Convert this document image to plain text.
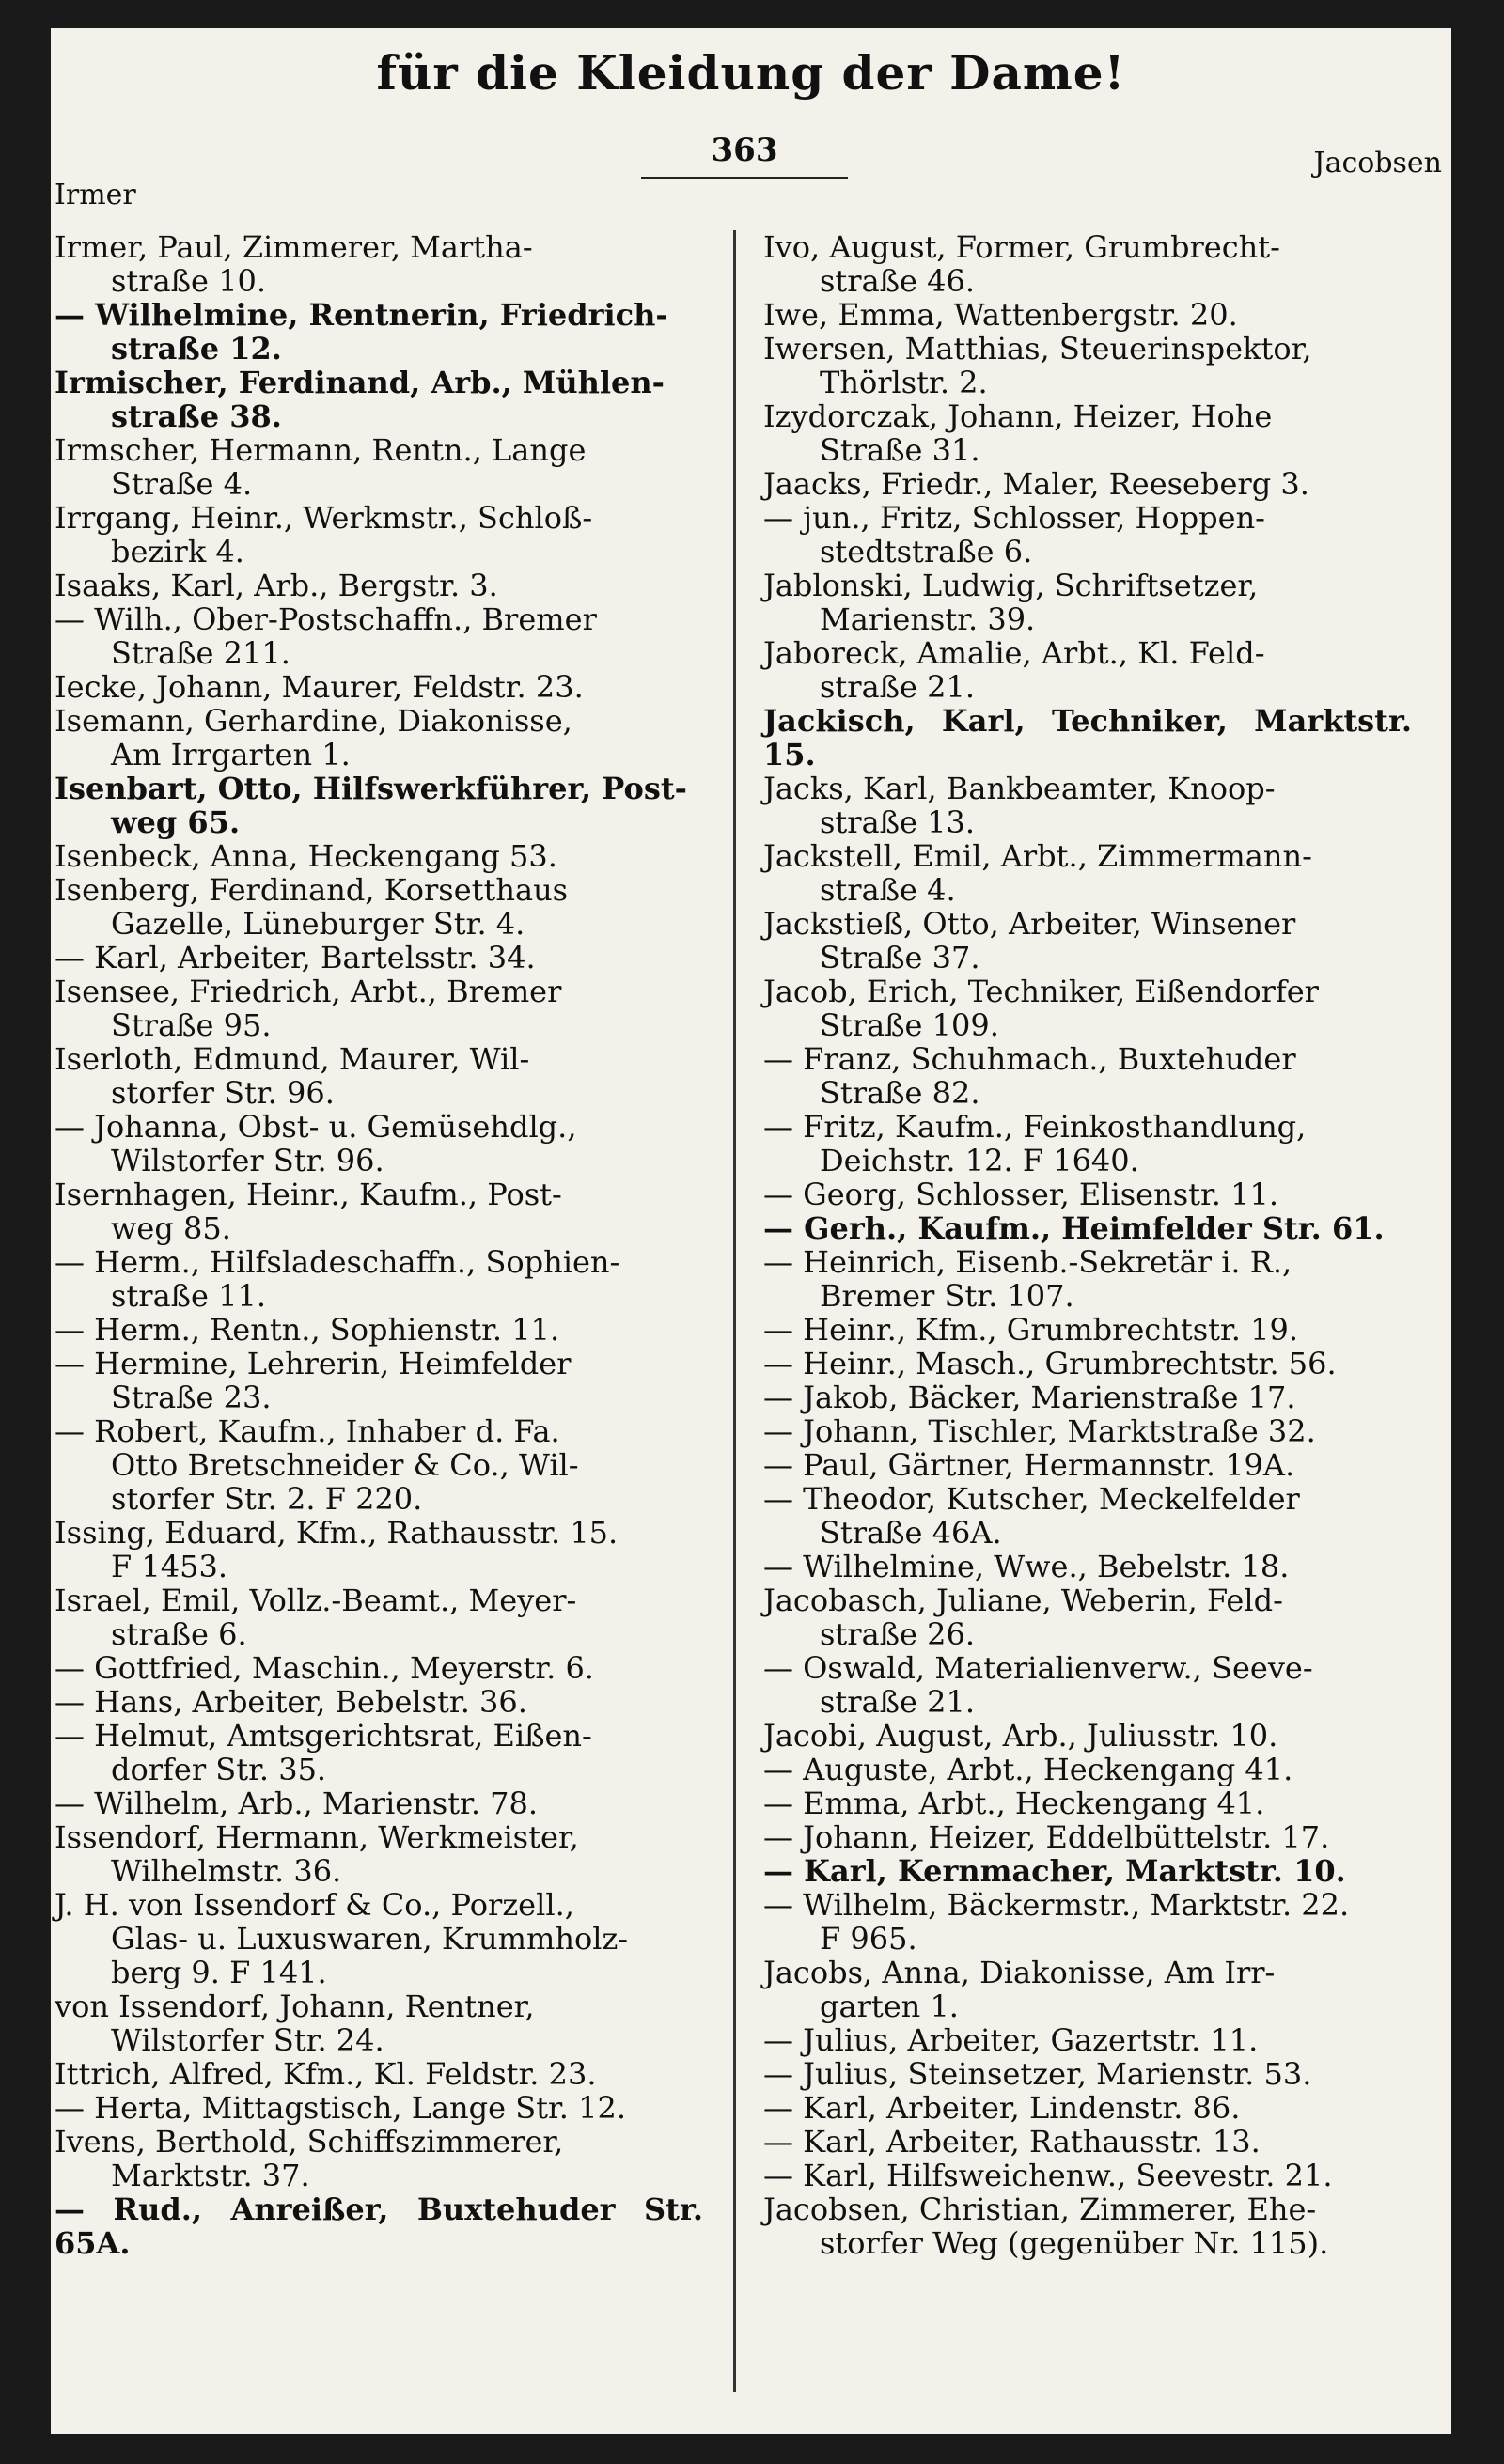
für die Kleidung der Dame!
363
Irmer
Jacobsen

Irmer, Paul, Zimmerer, Martha-
straße 10.

— Wilhelmine, Rentnerin, Friedrich-
straße 12.

Irmischer, Ferdinand, Arb., Mühlen-
straße 38.

Irmscher, Hermann, Rentn., Lange
Straße 4.

Irrgang, Heinr., Werkmstr., Schloß-
bezirk 4.

Isaaks, Karl, Arb., Bergstr. 3.

— Wilh., Ober-Postschaffn., Bremer
Straße 211.

Iecke, Johann, Maurer, Feldstr. 23.

Isemann, Gerhardine, Diakonisse,
Am Irrgarten 1.

Isenbart, Otto, Hilfswerkführer, Post-
weg 65.

Isenbeck, Anna, Heckengang 53.

Isenberg, Ferdinand, Korsetthaus
Gazelle, Lüneburger Str. 4.

— Karl, Arbeiter, Bartelsstr. 34.

Isensee, Friedrich, Arbt., Bremer
Straße 95.

Iserloth, Edmund, Maurer, Wil-
storfer Str. 96.

— Johanna, Obst- u. Gemüsehdlg.,
Wilstorfer Str. 96.

Isernhagen, Heinr., Kaufm., Post-
weg 85.

— Herm., Hilfsladeschaffn., Sophien-
straße 11.

— Herm., Rentn., Sophienstr. 11.

— Hermine, Lehrerin, Heimfelder
Straße 23.

— Robert, Kaufm., Inhaber d. Fa.
Otto Bretschneider & Co., Wil-
storfer Str. 2. F 220.

Issing, Eduard, Kfm., Rathausstr. 15.
F 1453.

Israel, Emil, Vollz.-Beamt., Meyer-
straße 6.

— Gottfried, Maschin., Meyerstr. 6.

— Hans, Arbeiter, Bebelstr. 36.

— Helmut, Amtsgerichtsrat, Eißen-
dorfer Str. 35.

— Wilhelm, Arb., Marienstr. 78.

Issendorf, Hermann, Werkmeister,
Wilhelmstr. 36.

J. H. von Issendorf & Co., Porzell.,
Glas- u. Luxuswaren, Krummholz-
berg 9. F 141.

von Issendorf, Johann, Rentner,
Wilstorfer Str. 24.

Ittrich, Alfred, Kfm., Kl. Feldstr. 23.

— Herta, Mittagstisch, Lange Str. 12.

Ivens, Berthold, Schiffszimmerer,
Marktstr. 37.

— Rud., Anreißer, Buxtehuder Str. 65A.

Ivo, August, Former, Grumbrecht-
straße 46.

Iwe, Emma, Wattenbergstr. 20.

Iwersen, Matthias, Steuerinspektor,
Thörlstr. 2.

Izydorczak, Johann, Heizer, Hohe
Straße 31.

Jaacks, Friedr., Maler, Reeseberg 3.

— jun., Fritz, Schlosser, Hoppen-
stedtstraße 6.

Jablonski, Ludwig, Schriftsetzer,
Marienstr. 39.

Jaboreck, Amalie, Arbt., Kl. Feld-
straße 21.

Jackisch, Karl, Techniker, Marktstr. 15.

Jacks, Karl, Bankbeamter, Knoop-
straße 13.

Jackstell, Emil, Arbt., Zimmermann-
straße 4.

Jackstieß, Otto, Arbeiter, Winsener
Straße 37.

Jacob, Erich, Techniker, Eißendorfer
Straße 109.

— Franz, Schuhmach., Buxtehuder
Straße 82.

— Fritz, Kaufm., Feinkosthandlung,
Deichstr. 12. F 1640.

— Georg, Schlosser, Elisenstr. 11.

— Gerh., Kaufm., Heimfelder Str. 61.

— Heinrich, Eisenb.-Sekretär i. R.,
Bremer Str. 107.

— Heinr., Kfm., Grumbrechtstr. 19.

— Heinr., Masch., Grumbrechtstr. 56.

— Jakob, Bäcker, Marienstraße 17.

— Johann, Tischler, Marktstraße 32.

— Paul, Gärtner, Hermannstr. 19A.

— Theodor, Kutscher, Meckelfelder
Straße 46A.

— Wilhelmine, Wwe., Bebelstr. 18.

Jacobasch, Juliane, Weberin, Feld-
straße 26.

— Oswald, Materialienverw., Seeve-
straße 21.

Jacobi, August, Arb., Juliusstr. 10.

— Auguste, Arbt., Heckengang 41.

— Emma, Arbt., Heckengang 41.

— Johann, Heizer, Eddelbüttelstr. 17.

— Karl, Kernmacher, Marktstr. 10.

— Wilhelm, Bäckermstr., Marktstr. 22.
F 965.

Jacobs, Anna, Diakonisse, Am Irr-
garten 1.

— Julius, Arbeiter, Gazertstr. 11.

— Julius, Steinsetzer, Marienstr. 53.

— Karl, Arbeiter, Lindenstr. 86.

— Karl, Arbeiter, Rathausstr. 13.

— Karl, Hilfsweichenw., Seevestr. 21.

Jacobsen, Christian, Zimmerer, Ehe-
storfer Weg (gegenüber Nr. 115).
